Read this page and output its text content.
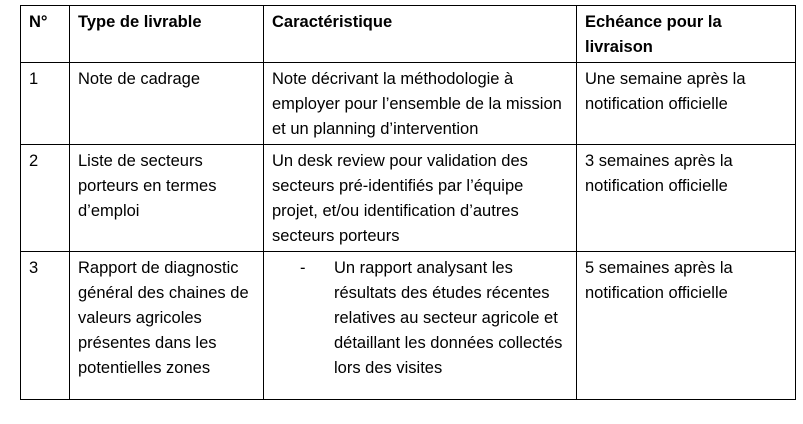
N°	Type de livrable	Caractéristique	Echéance pour la livraison
1	Note de cadrage	Note décrivant la méthodologie à employer pour l’ensemble de la mission et un planning d’intervention	Une semaine après la notification officielle
2	Liste de secteurs porteurs en termes d’emploi	Un desk review pour validation des secteurs pré-identifiés par l’équipe projet, et/ou identification d’autres secteurs porteurs	3 semaines après la notification officielle
3	Rapport de diagnostic général des chaines de valeurs agricoles présentes dans les potentielles zones	- Un rapport analysant les résultats des études récentes relatives au secteur agricole et détaillant les données collectés lors des visites	5 semaines après la notification officielle
